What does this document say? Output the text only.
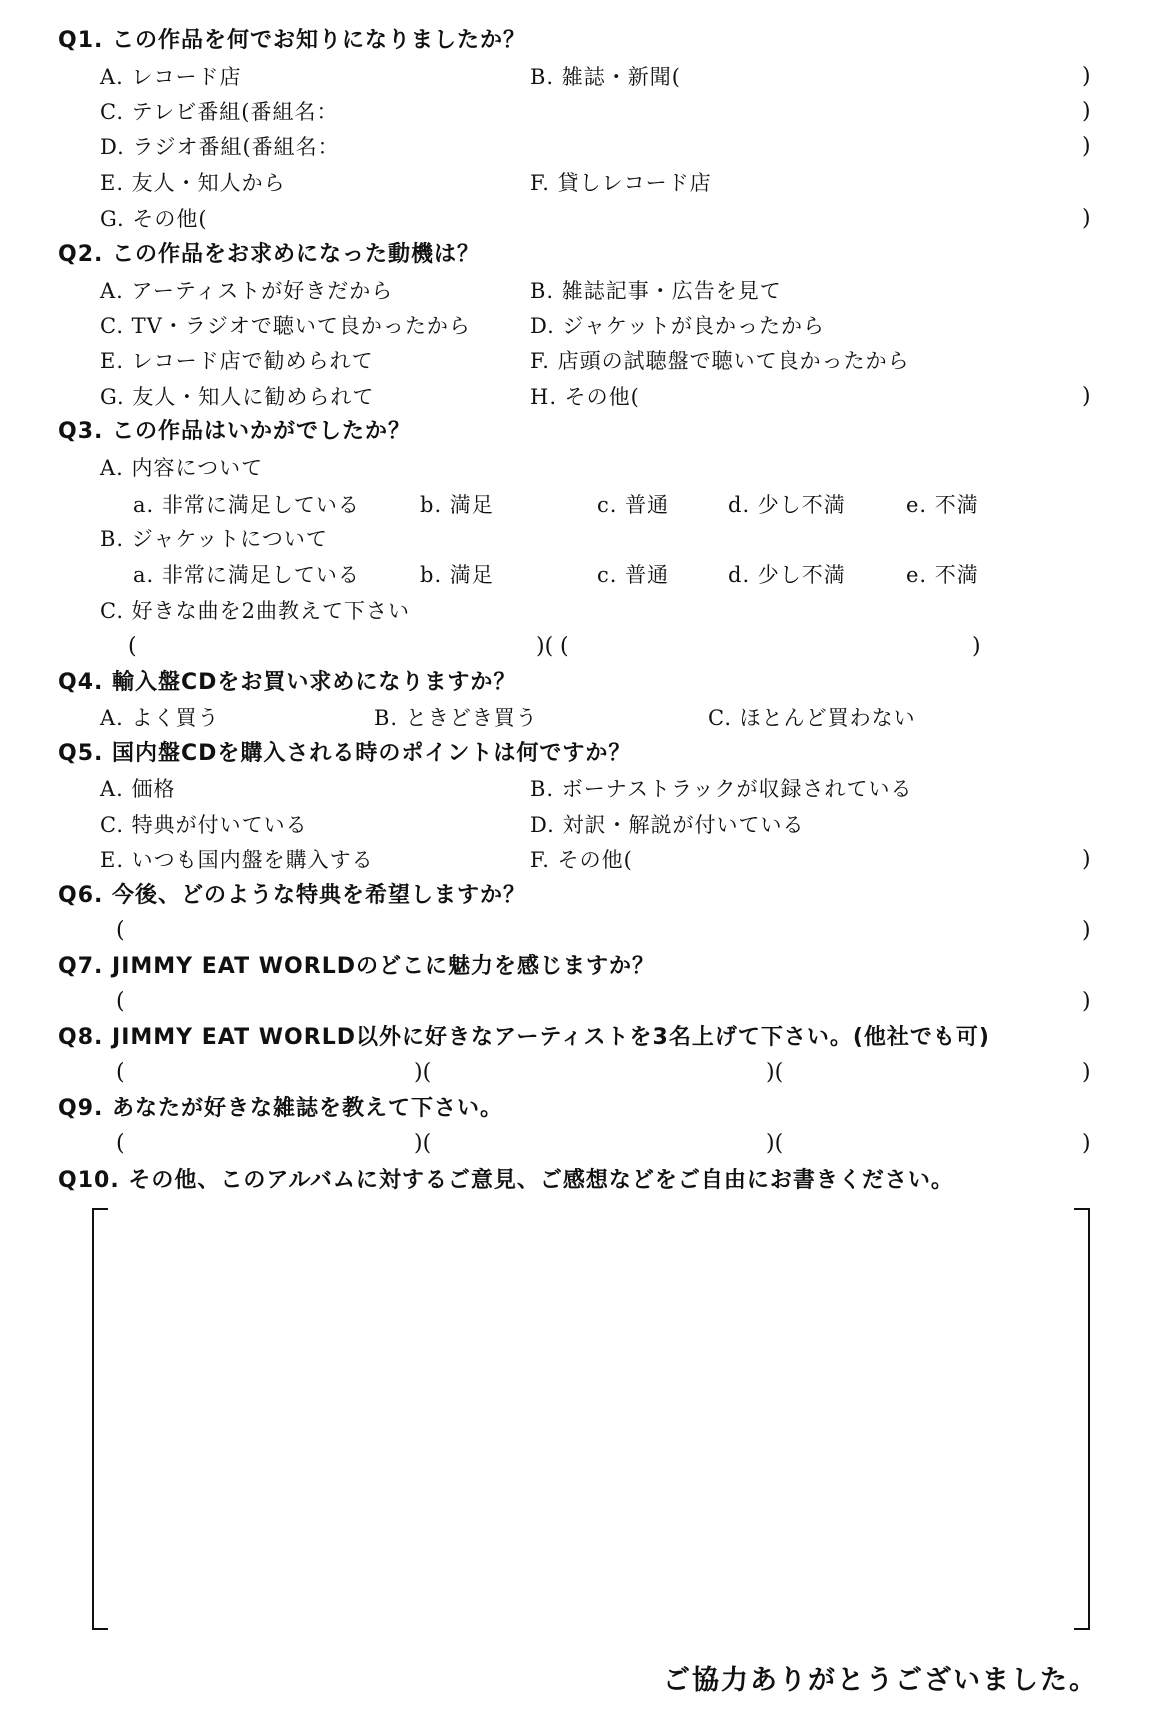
Q1. この作品を何でお知りになりましたか？
A. レコード店	B. 雑誌・新聞(	)
C. テレビ番組(番組名：	)
D. ラジオ番組(番組名：	)
E. 友人・知人から	F. 貸しレコード店
G. その他(	)
Q2. この作品をお求めになった動機は？
A. アーティストが好きだから	B. 雑誌記事・広告を見て
C. TV・ラジオで聴いて良かったから	D. ジャケットが良かったから
E. レコード店で勧められて	F. 店頭の試聴盤で聴いて良かったから
G. 友人・知人に勧められて	H. その他(	)
Q3. この作品はいかがでしたか？
A. 内容について
a. 非常に満足している	b. 満足	c. 普通	d. 少し不満	e. 不満
B. ジャケットについて
a. 非常に満足している	b. 満足	c. 普通	d. 少し不満	e. 不満
C. 好きな曲を2曲教えて下さい
(	)( (	)
Q4. 輸入盤CDをお買い求めになりますか？
A. よく買う	B. ときどき買う	C. ほとんど買わない
Q5. 国内盤CDを購入される時のポイントは何ですか？
A. 価格	B. ボーナストラックが収録されている
C. 特典が付いている	D. 対訳・解説が付いている
E. いつも国内盤を購入する	F. その他(	)
Q6. 今後、どのような特典を希望しますか？
(	)
Q7. JIMMY EAT WORLDのどこに魅力を感じますか？
(	)
Q8. JIMMY EAT WORLD以外に好きなアーティストを3名上げて下さい。(他社でも可)
(	)(	)(	)
Q9. あなたが好きな雑誌を教えて下さい。
(	)(	)(	)
Q10. その他、このアルバムに対するご意見、ご感想などをご自由にお書きください。
ご協力ありがとうございました。
